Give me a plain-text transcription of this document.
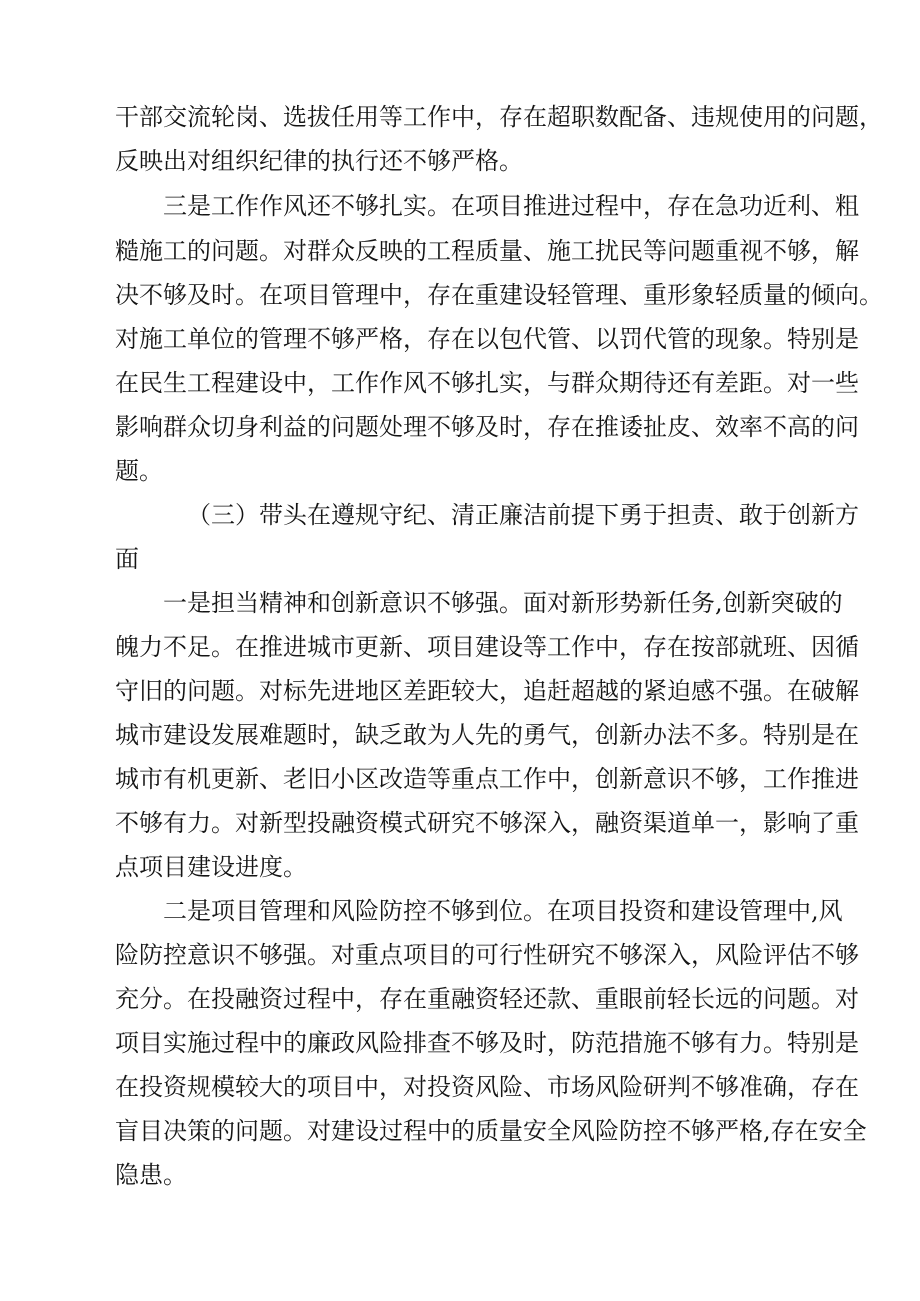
干部交流轮岗、选拔任用等工作中，存在超职数配备、违规使用的问题，
反映出对组织纪律的执行还不够严格。
三是工作作风还不够扎实。在项目推进过程中，存在急功近利、粗
糙施工的问题。对群众反映的工程质量、施工扰民等问题重视不够，解
决不够及时。在项目管理中，存在重建设轻管理、重形象轻质量的倾向。
对施工单位的管理不够严格，存在以包代管、以罚代管的现象。特别是
在民生工程建设中，工作作风不够扎实，与群众期待还有差距。对一些
影响群众切身利益的问题处理不够及时，存在推诿扯皮、效率不高的问
题。
（三）带头在遵规守纪、清正廉洁前提下勇于担责、敢于创新方
面
一是担当精神和创新意识不够强。面对新形势新任务,创新突破的
魄力不足。在推进城市更新、项目建设等工作中，存在按部就班、因循
守旧的问题。对标先进地区差距较大，追赶超越的紧迫感不强。在破解
城市建设发展难题时，缺乏敢为人先的勇气，创新办法不多。特别是在
城市有机更新、老旧小区改造等重点工作中，创新意识不够，工作推进
不够有力。对新型投融资模式研究不够深入，融资渠道单一，影响了重
点项目建设进度。
二是项目管理和风险防控不够到位。在项目投资和建设管理中,风
险防控意识不够强。对重点项目的可行性研究不够深入，风险评估不够
充分。在投融资过程中，存在重融资轻还款、重眼前轻长远的问题。对
项目实施过程中的廉政风险排查不够及时，防范措施不够有力。特别是
在投资规模较大的项目中，对投资风险、市场风险研判不够准确，存在
盲目决策的问题。对建设过程中的质量安全风险防控不够严格,存在安全
隐患。
